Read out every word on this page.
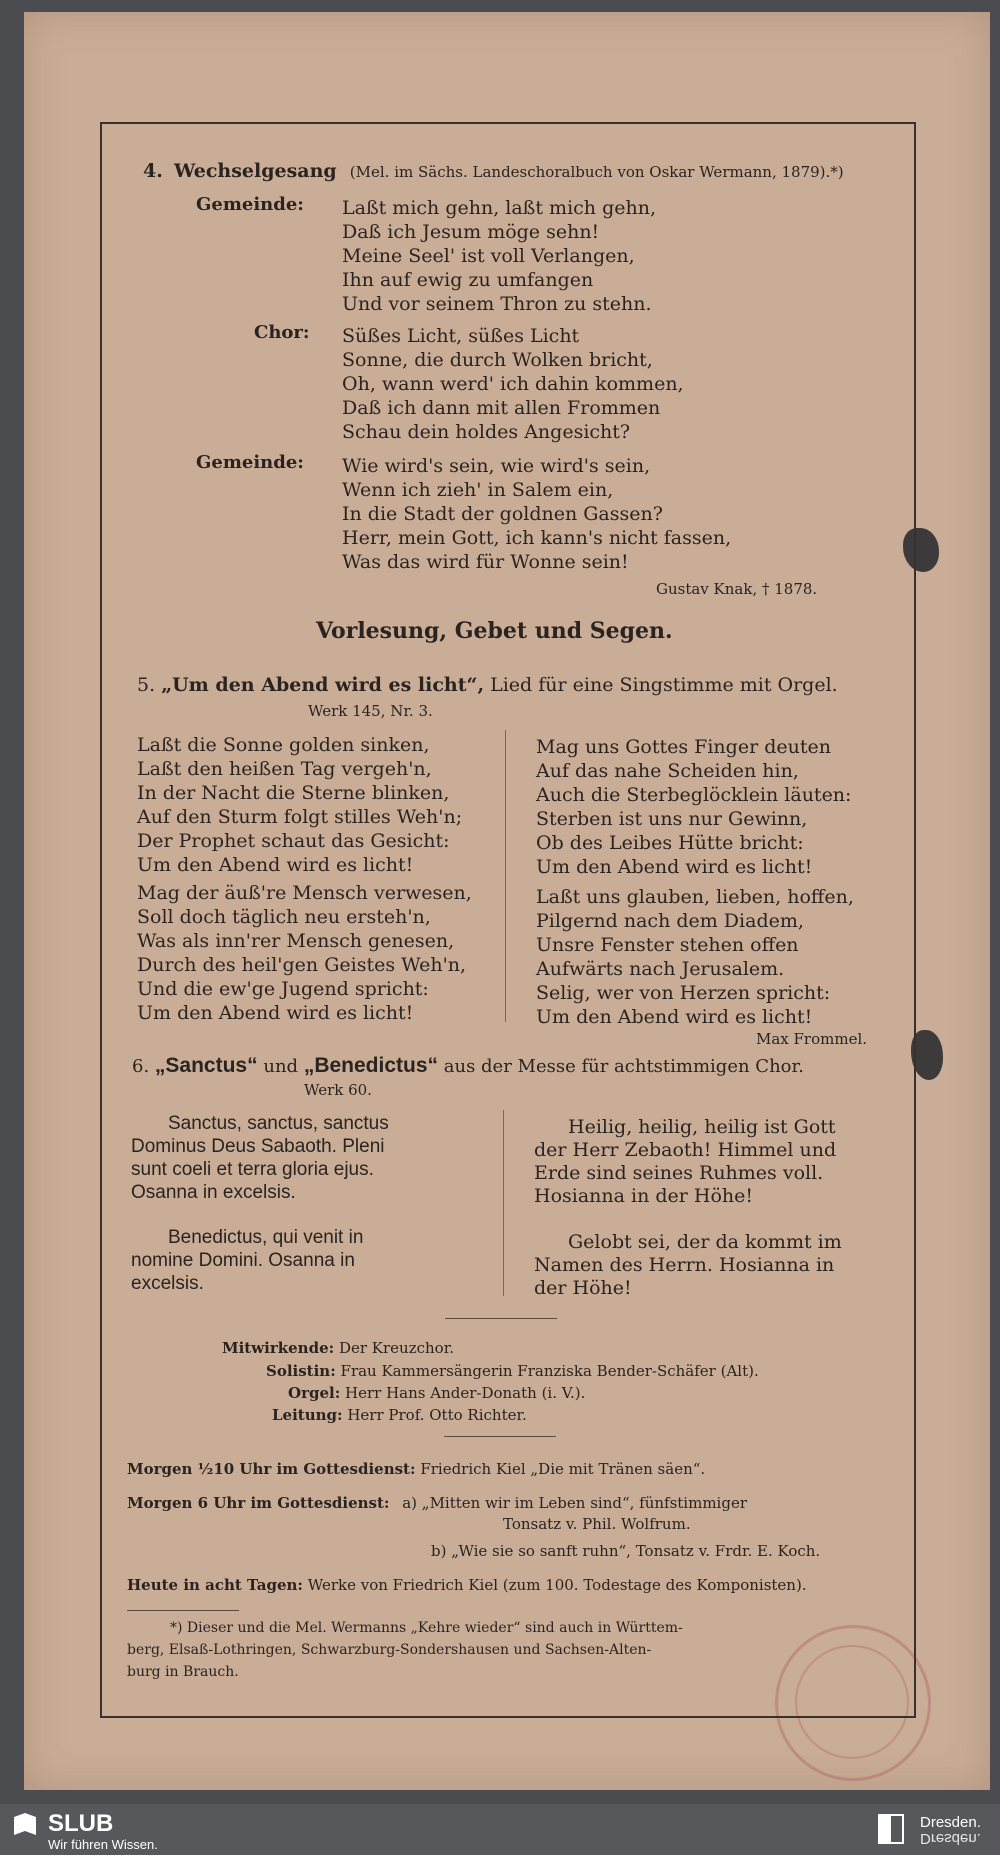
4. Wechselgesang (Mel. im Sächs. Landeschoralbuch von Oskar Wermann, 1879).*)
Gemeinde: Laßt mich gehn, laßt mich gehn,
Daß ich Jesum möge sehn!
Meine Seel' ist voll Verlangen,
Ihn auf ewig zu umfangen
Und vor seinem Thron zu stehn.
Chor: Süßes Licht, süßes Licht
Sonne, die durch Wolken bricht,
Oh, wann werd' ich dahin kommen,
Daß ich dann mit allen Frommen
Schau dein holdes Angesicht?
Gemeinde: Wie wird's sein, wie wird's sein,
Wenn ich zieh' in Salem ein,
In die Stadt der goldnen Gassen?
Herr, mein Gott, ich kann's nicht fassen,
Was das wird für Wonne sein!
Gustav Knak, † 1878.
Vorlesung, Gebet und Segen.
5. „Um den Abend wird es licht“, Lied für eine Singstimme mit Orgel.
Werk 145, Nr. 3.
Laßt die Sonne golden sinken,
Laßt den heißen Tag vergeh'n,
In der Nacht die Sterne blinken,
Auf den Sturm folgt stilles Weh'n;
Der Prophet schaut das Gesicht:
Um den Abend wird es licht!
Mag der äuß're Mensch verwesen,
Soll doch täglich neu ersteh'n,
Was als inn'rer Mensch genesen,
Durch des heil'gen Geistes Weh'n,
Und die ew'ge Jugend spricht:
Um den Abend wird es licht!
Mag uns Gottes Finger deuten
Auf das nahe Scheiden hin,
Auch die Sterbeglöcklein läuten:
Sterben ist uns nur Gewinn,
Ob des Leibes Hütte bricht:
Um den Abend wird es licht!
Laßt uns glauben, lieben, hoffen,
Pilgernd nach dem Diadem,
Unsre Fenster stehen offen
Aufwärts nach Jerusalem.
Selig, wer von Herzen spricht:
Um den Abend wird es licht!
Max Frommel.
6. „Sanctus“ und „Benedictus“ aus der Messe für achtstimmigen Chor.
Werk 60.
Sanctus, sanctus, sanctus
Dominus Deus Sabaoth. Pleni
sunt coeli et terra gloria ejus.
Osanna in excelsis.
Benedictus, qui venit in
nomine Domini. Osanna in
excelsis.
Heilig, heilig, heilig ist Gott
der Herr Zebaoth! Himmel und
Erde sind seines Ruhmes voll.
Hosianna in der Höhe!
Gelobt sei, der da kommt im
Namen des Herrn. Hosianna in
der Höhe!
Mitwirkende: Der Kreuzchor.
Solistin: Frau Kammersängerin Franziska Bender-Schäfer (Alt).
Orgel: Herr Hans Ander-Donath (i. V.).
Leitung: Herr Prof. Otto Richter.
Morgen ½10 Uhr im Gottesdienst: Friedrich Kiel „Die mit Tränen säen“.
Morgen 6 Uhr im Gottesdienst: a) „Mitten wir im Leben sind“, fünfstimmiger
Tonsatz v. Phil. Wolfrum.
b) „Wie sie so sanft ruhn“, Tonsatz v. Frdr. E. Koch.
Heute in acht Tagen: Werke von Friedrich Kiel (zum 100. Todestage des Komponisten).
*) Dieser und die Mel. Wermanns „Kehre wieder“ sind auch in Württem-
berg, Elsaß-Lothringen, Schwarzburg-Sondershausen und Sachsen-Alten-
burg in Brauch.
SLUB
Wir führen Wissen.
Dresden.
Dresden.
